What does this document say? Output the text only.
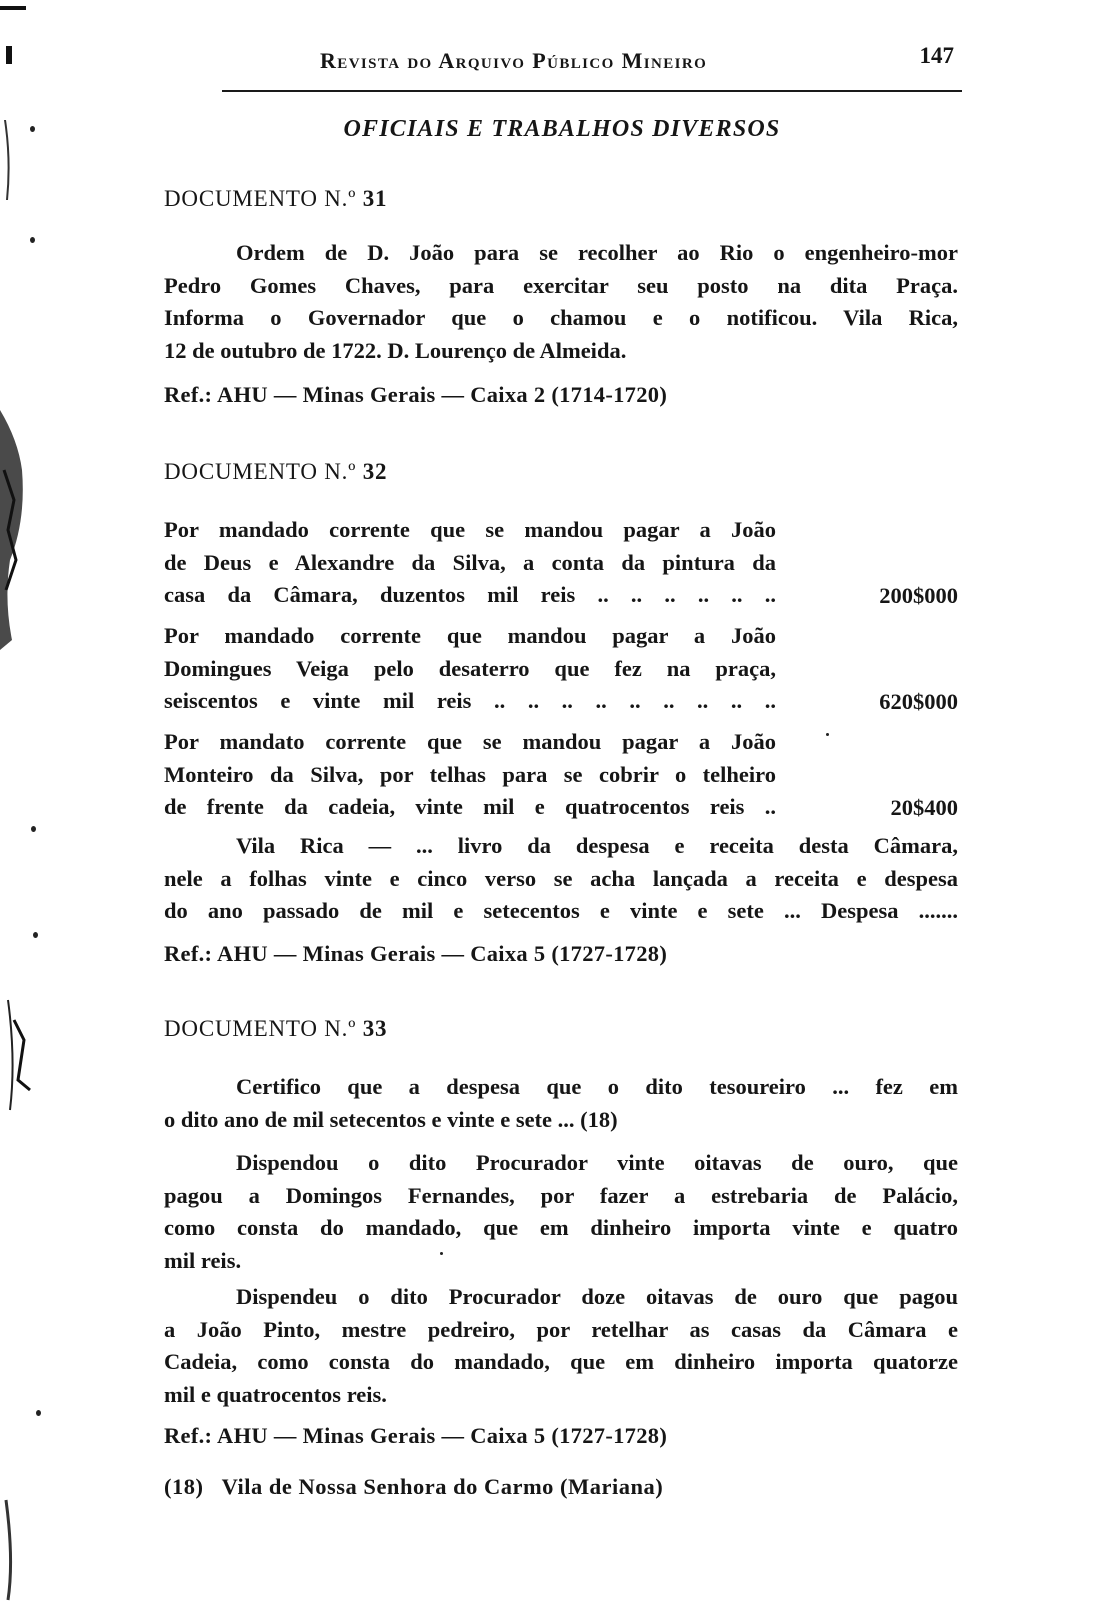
Revista do Arquivo Público Mineiro	147
OFICIAIS E TRABALHOS DIVERSOS

DOCUMENTO N.º 31

Ordem de D. João para se recolher ao Rio o engenheiro-mor
Pedro Gomes Chaves, para exercitar seu posto na dita Praça.
Informa o Governador que o chamou e o notificou. Vila Rica,
12 de outubro de 1722. D. Lourenço de Almeida.

Ref.: AHU — Minas Gerais — Caixa 2 (1714-1720)

DOCUMENTO N.º 32

Por mandado corrente que se mandou pagar a João
de Deus e Alexandre da Silva, a conta da pintura da
casa da Câmara, duzentos mil reis .. .. .. .. .. ..	200$000

Por mandado corrente que mandou pagar a João
Domingues Veiga pelo desaterro que fez na praça,
seiscentos e vinte mil reis .. .. .. .. .. .. .. .. ..	620$000

Por mandato corrente que se mandou pagar a João
Monteiro da Silva, por telhas para se cobrir o telheiro
de frente da cadeia, vinte mil e quatrocentos reis ..	20$400

Vila Rica — ... livro da despesa e receita desta Câmara,
nele a folhas vinte e cinco verso se acha lançada a receita e despesa
do ano passado de mil e setecentos e vinte e sete ... Despesa .......

Ref.: AHU — Minas Gerais — Caixa 5 (1727-1728)

DOCUMENTO N.º 33

Certifico que a despesa que o dito tesoureiro ... fez em
o dito ano de mil setecentos e vinte e sete ... (18)

Dispendou o dito Procurador vinte oitavas de ouro, que
pagou a Domingos Fernandes, por fazer a estrebaria de Palácio,
como consta do mandado, que em dinheiro importa vinte e quatro
mil reis.

Dispendeu o dito Procurador doze oitavas de ouro que pagou
a João Pinto, mestre pedreiro, por retelhar as casas da Câmara e
Cadeia, como consta do mandado, que em dinheiro importa quatorze
mil e quatrocentos reis.

Ref.: AHU — Minas Gerais — Caixa 5 (1727-1728)

(18) Vila de Nossa Senhora do Carmo (Mariana)
